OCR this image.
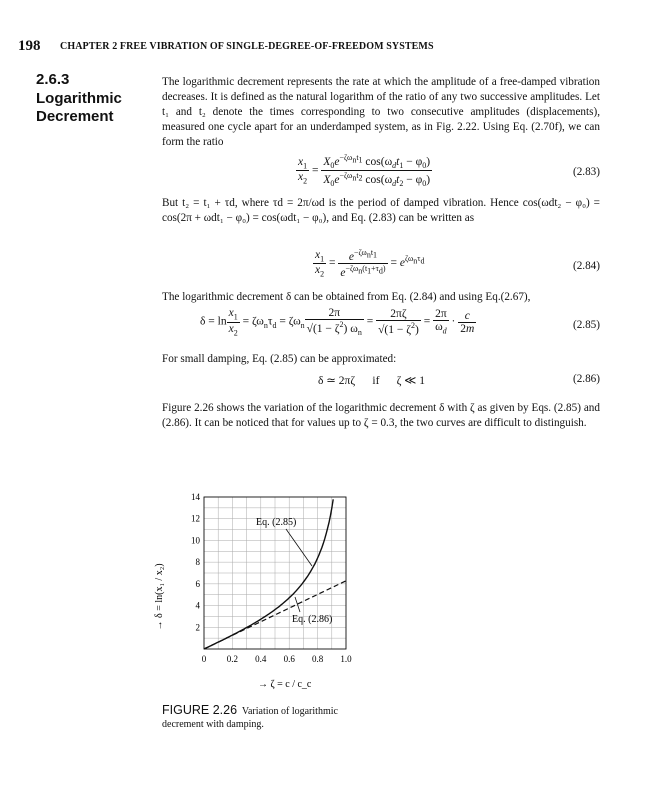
198 CHAPTER 2 FREE VIBRATION OF SINGLE-DEGREE-OF-FREEDOM SYSTEMS
2.6.3
Logarithmic Decrement

The logarithmic decrement represents the rate at which the amplitude of a free-damped vibration decreases. It is defined as the natural logarithm of the ratio of any two successive amplitudes. Let t₁ and t₂ denote the times corresponding to two consecutive amplitudes (displacements), measured one cycle apart for an underdamped system, as in Fig. 2.22. Using Eq. (2.70f), we can form the ratio

$\frac{x_1}{x_2} = \frac{X_0e^{-\zeta\omega_nt_1} \cos(\omega_dt_1 - \varphi_0)}{X_0e^{-\zeta\omega_nt_2} \cos(\omega_dt_2 - \varphi_0)}$	(2.83)

But t₂ = t₁ + τd, where τd = 2π/ωd is the period of damped vibration. Hence cos(ωdt₂ − φ₀) = cos(2π + ωdt₁ − φ₀) = cos(ωdt₁ − φ₀), and Eq. (2.83) can be written as

$\frac{x_1}{x_2} = \frac{e^{-\zeta\omega_nt_1}}{e^{-\zeta\omega_n(t_1+\tau_d)}} = e^{\zeta\omega_n\tau_d}$	(2.84)

The logarithmic decrement δ can be obtained from Eq. (2.84) and using Eq.(2.67),

$\delta = \ln \frac{x_1}{x_2} = \zeta\omega_n\tau_d = \zeta\omega_n \frac{2\pi}{√(1 - \zeta^2) \omega_n} = \frac{2\pi\zeta}{√(1 - \zeta^2)} = \frac{2\pi}{\omega_d} \cdot \frac{c}{2m}$	(2.85)

For small damping, Eq. (2.85) can be approximated:

δ ≃ 2πζ      if      ζ ≪ 1	(2.86)

Figure 2.26 shows the variation of the logarithmic decrement δ with ζ as given by Eqs. (2.85) and (2.86). It can be noticed that for values up to ζ = 0.3, the two curves are difficult to distinguish.

0 0.2 0.4 0.6 0.8 1.0
2
4
6
8
10
12
14
Eq. (2.85)
Eq. (2.86)
→ ζ = c / c_c
→ δ = ln(x₁ / x₂)
FIGURE 2.26 Variation of logarithmic decrement with damping.
